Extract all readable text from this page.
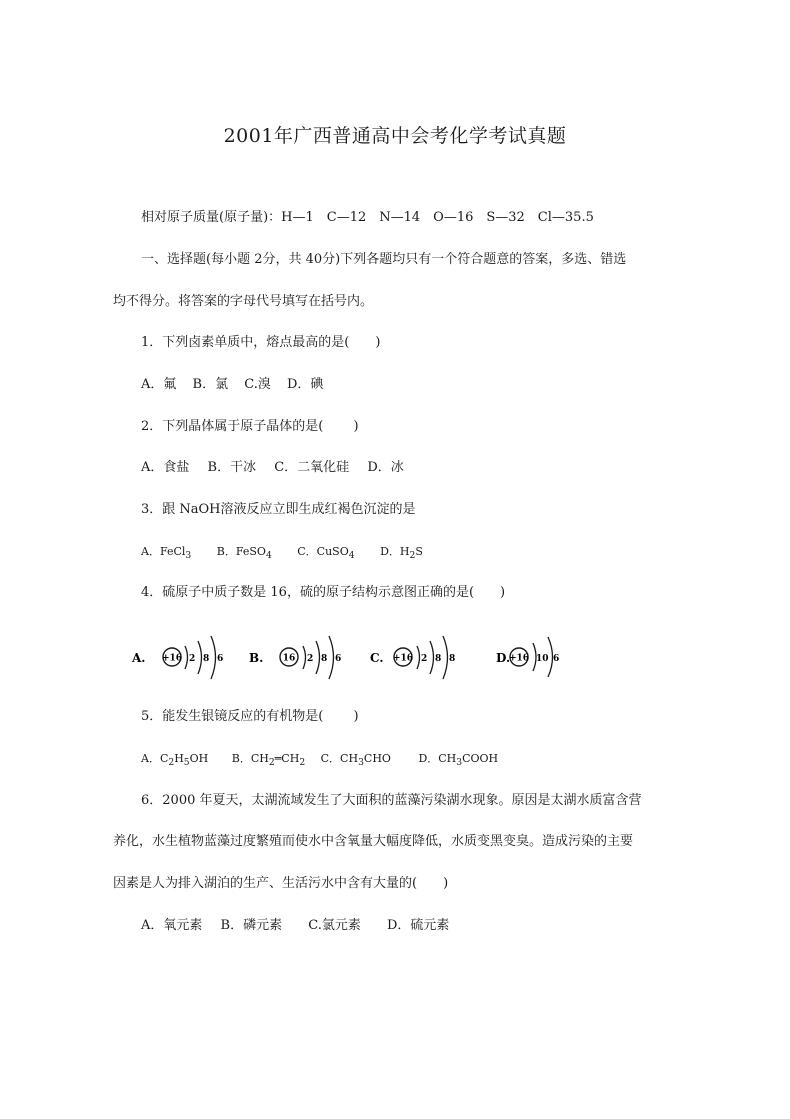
2001年广西普通高中会考化学考试真题
相对原子质量(原子量)：H—1　C—12　N—14　O—16　S—32　Cl—35.5
一、选择题(每小题 2分，共 40分)下列各题均只有一个符合题意的答案，多选、错选
均不得分。将答案的字母代号填写在括号内。
1．下列卤素单质中，熔点最高的是(　　)
A．氟 B．氯 C.溴 D．碘
2．下列晶体属于原子晶体的是(　　 )
A．食盐 B．干冰 C．二氧化硅 D．冰
3．跟 NaOH溶液反应立即生成红褐色沉淀的是
A．FeCl$_3$ B．FeSO$_4$ C．CuSO$_4$ D．$H_2S$
4．硫原子中质子数是 16，硫的原子结构示意图正确的是(　　)
A. +16 2 8 6 B. 16 2 8 6 C. +16 2 8 8	D.
+16 10 6
5．能发生银镜反应的有机物是(　　 )
A．$C_2H_5OH$ B．$CH_2═CH_2$ C．$CH_3CHO$	D．$CH_3COOH$
6．2000 年夏天，太湖流域发生了大面积的蓝藻污染湖水现象。原因是太湖水质富含营
养化，水生植物蓝藻过度繁殖而使水中含氧量大幅度降低，水质变黑变臭。造成污染的主要
因素是人为排入湖泊的生产、生活污水中含有大量的(　　)
A．氧元素 B．磷元素 C.氯元素 D．硫元素
